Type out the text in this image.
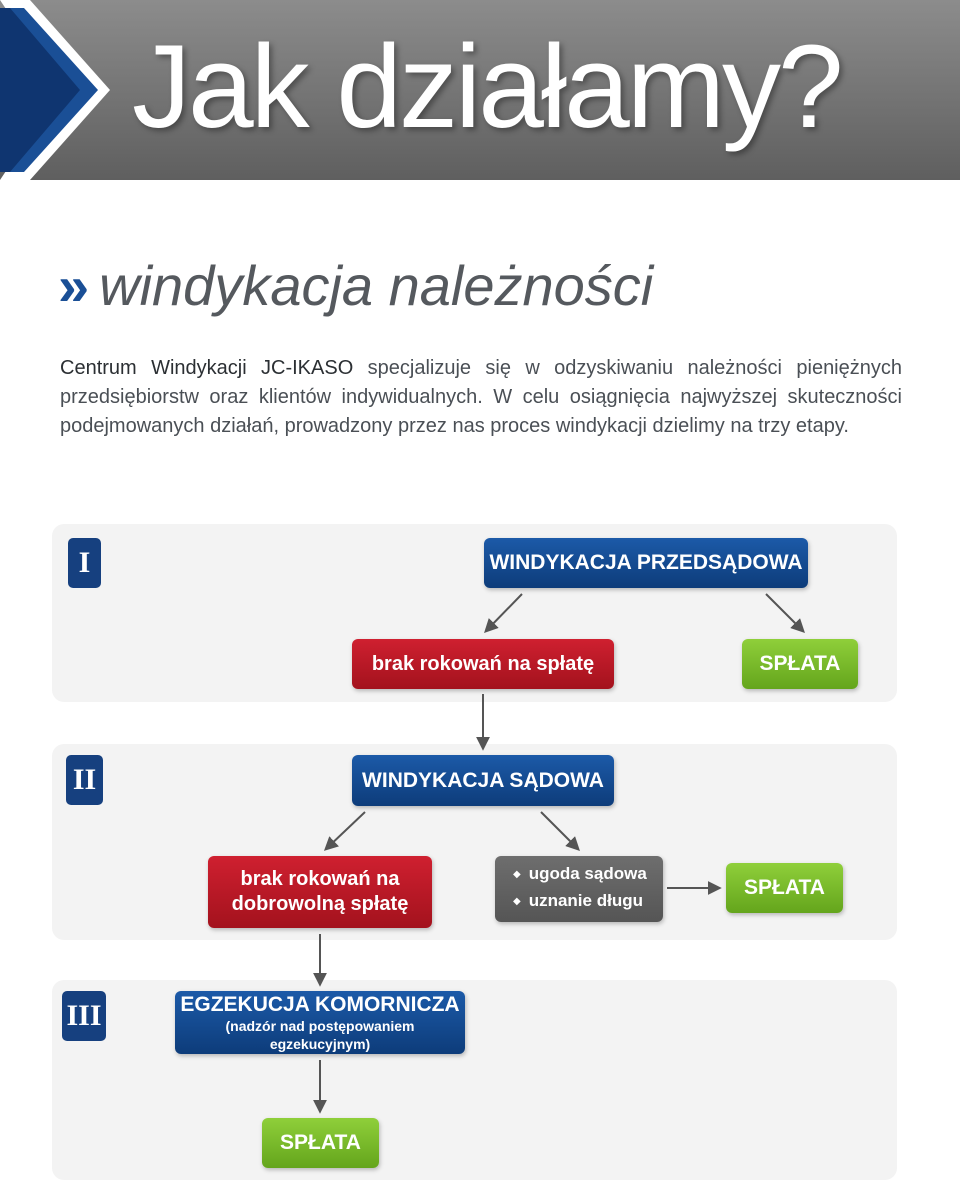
Jak działamy?
» windykacja należności
Centrum Windykacji JC-IKASO specjalizuje się w odzyskiwaniu należności pieniężnych przedsiębiorstw oraz klientów indywidualnych. W celu osiągnięcia najwyższej skuteczności podejmowanych działań, prowadzony przez nas proces windykacji dzielimy na trzy etapy.
I	WINDYKACJA PRZEDSĄDOWA
brak rokowań na spłatę	SPŁATA
II	WINDYKACJA SĄDOWA
brak rokowań na
dobrowolną spłatę
◆ ugoda sądowa
◆ uznanie długu
SPŁATA
III	EGZEKUCJA KOMORNICZA
(nadzór nad postępowaniem egzekucyjnym)
SPŁATA
